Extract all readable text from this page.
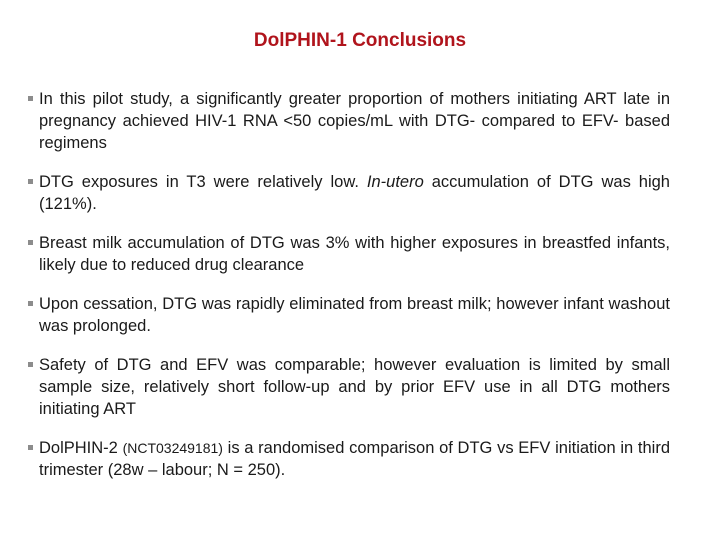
DolPHIN-1 Conclusions
In this pilot study, a significantly greater proportion of mothers initiating ART late in pregnancy achieved HIV-1 RNA <50 copies/mL with DTG- compared to EFV- based regimens
DTG exposures in T3 were relatively low. In-utero accumulation of DTG was high (121%).
Breast milk accumulation of DTG was 3% with higher exposures in breastfed infants, likely due to reduced drug clearance
Upon cessation, DTG was rapidly eliminated from breast milk; however infant washout was prolonged.
Safety of DTG and EFV was comparable; however evaluation is limited by small sample size, relatively short follow-up and by prior EFV use in all DTG mothers initiating ART
DolPHIN-2 (NCT03249181) is a randomised comparison of DTG vs EFV initiation in third trimester (28w – labour; N = 250).
